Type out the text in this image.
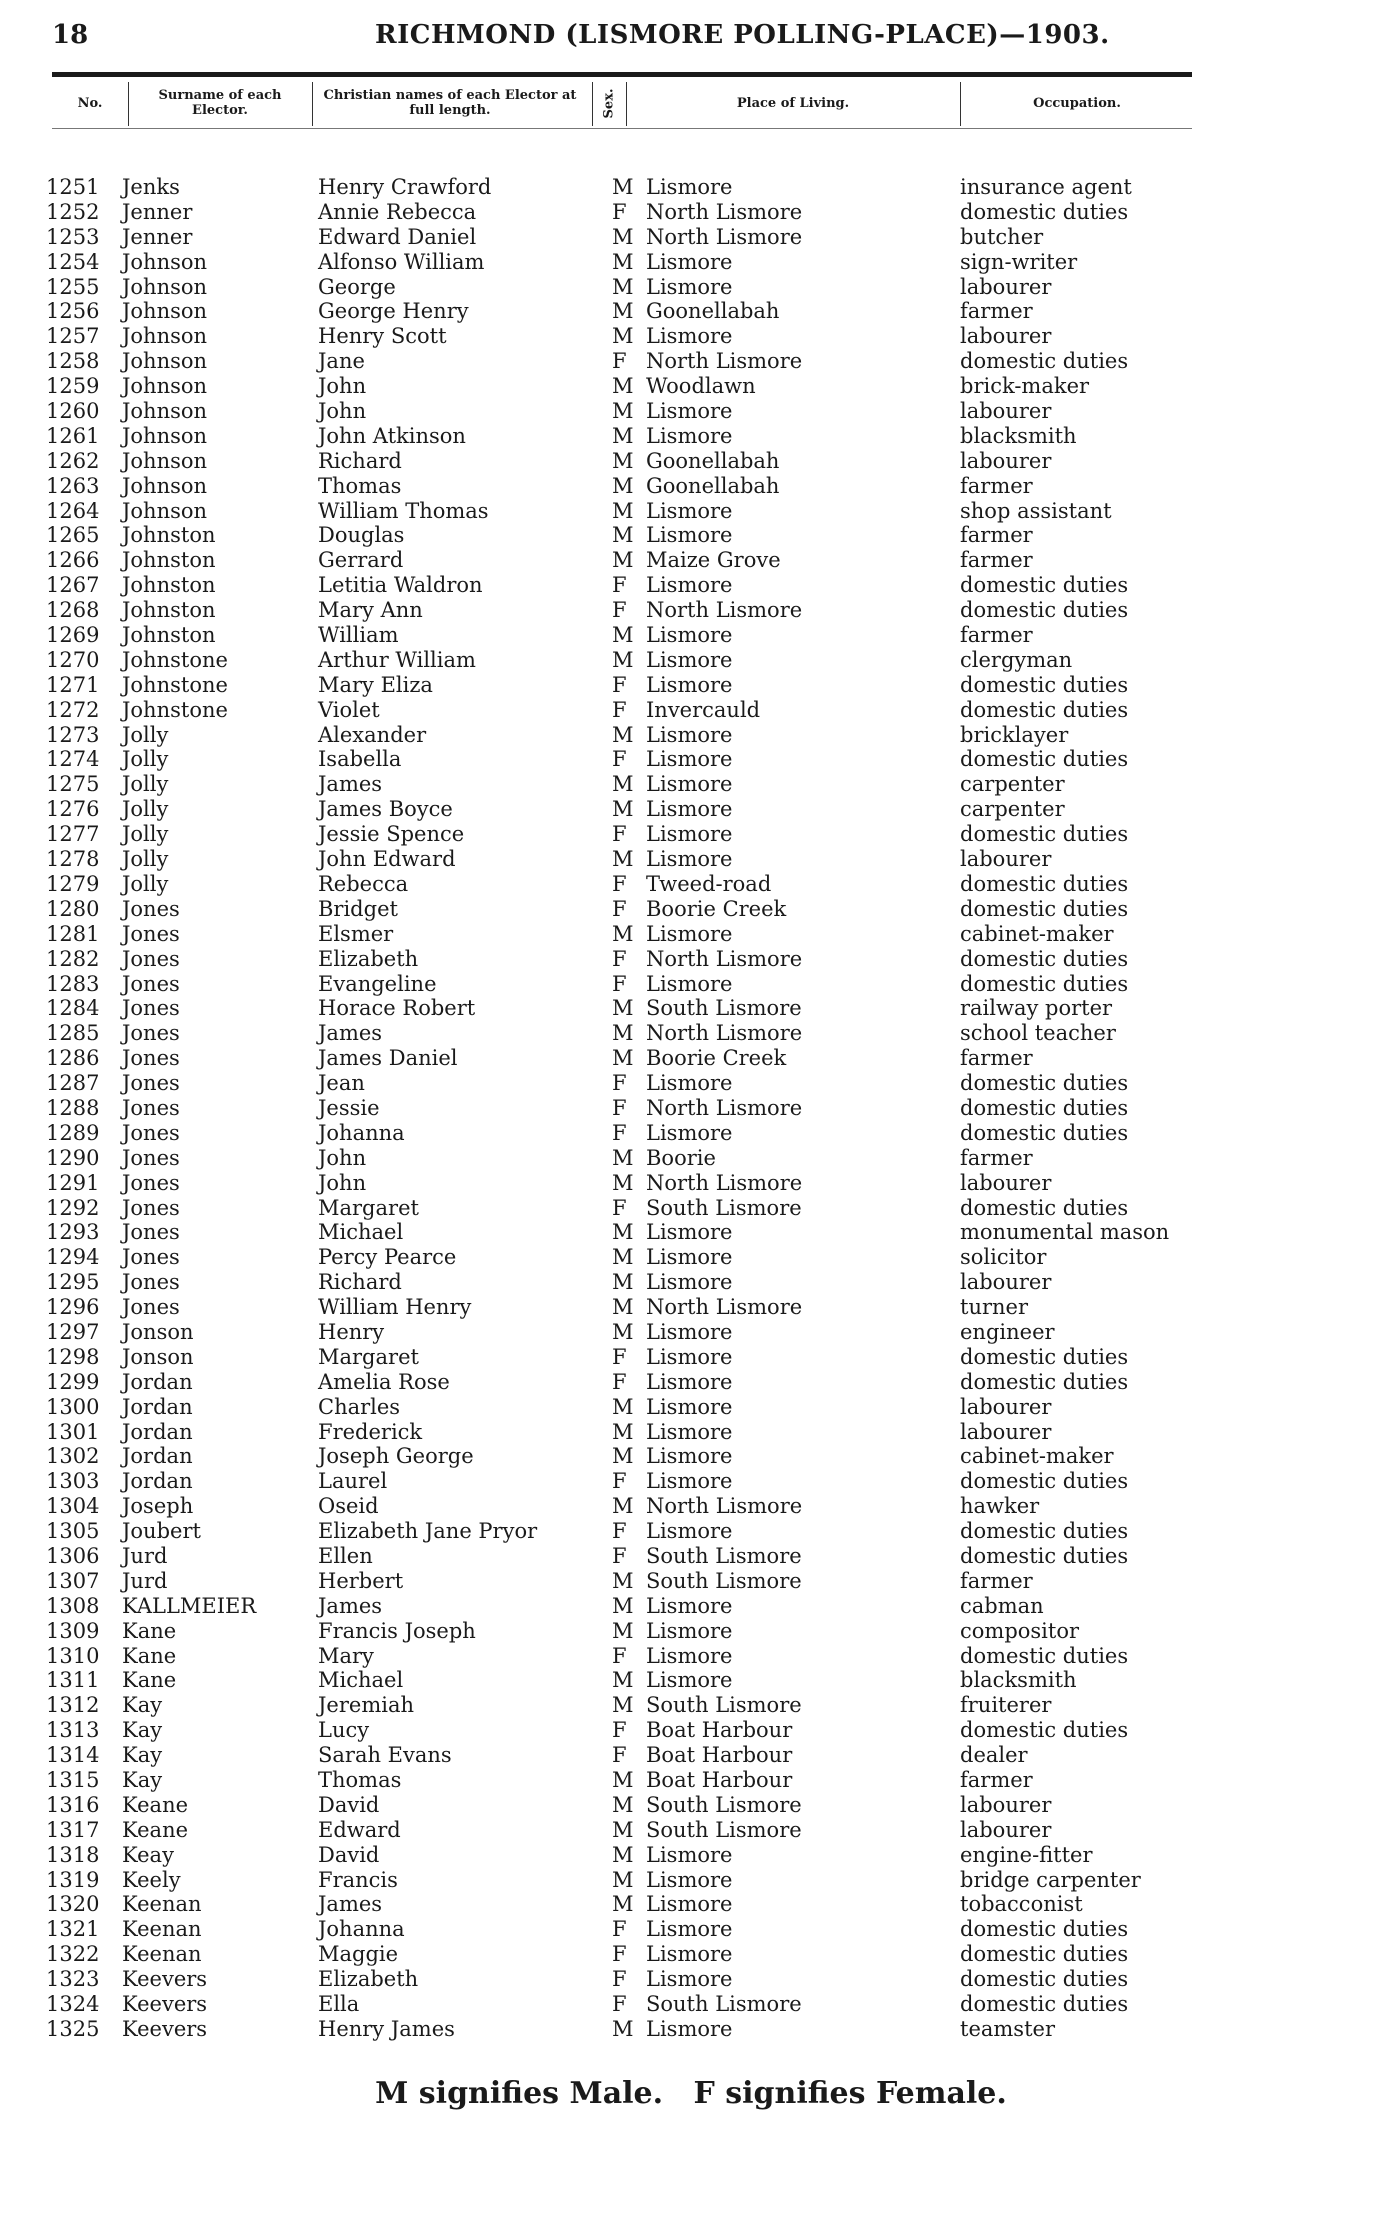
18	RICHMOND (LISMORE POLLING-PLACE)—1903.
No.	Surname of each Elector.
Christian names of each Elector at full length.	Sex.	Place of Living.	Occupation.
1251 Jenks	Henry Crawford	M Lismore	insurance agent
1252 Jenner	Annie Rebecca	F North Lismore	domestic duties
1253 Jenner	Edward Daniel	M North Lismore	butcher
1254 Johnson	Alfonso William	M Lismore	sign-writer
1255 Johnson	George	M Lismore	labourer
1256 Johnson	George Henry	M Goonellabah	farmer
1257 Johnson	Henry Scott	M Lismore	labourer
1258 Johnson	Jane	F North Lismore	domestic duties
1259 Johnson	John	M Woodlawn	brick-maker
1260 Johnson	John	M Lismore	labourer
1261 Johnson	John Atkinson	M Lismore	blacksmith
1262 Johnson	Richard	M Goonellabah	labourer
1263 Johnson	Thomas	M Goonellabah	farmer
1264 Johnson	William Thomas	M Lismore	shop assistant
1265 Johnston	Douglas	M Lismore	farmer
1266 Johnston	Gerrard	M Maize Grove	farmer
1267 Johnston	Letitia Waldron	F Lismore	domestic duties
1268 Johnston	Mary Ann	F North Lismore	domestic duties
1269 Johnston	William	M Lismore	farmer
1270 Johnstone	Arthur William	M Lismore	clergyman
1271 Johnstone	Mary Eliza	F Lismore	domestic duties
1272 Johnstone	Violet	F Invercauld	domestic duties
1273 Jolly	Alexander	M Lismore	bricklayer
1274 Jolly	Isabella	F Lismore	domestic duties
1275 Jolly	James	M Lismore	carpenter
1276 Jolly	James Boyce	M Lismore	carpenter
1277 Jolly	Jessie Spence	F Lismore	domestic duties
1278 Jolly	John Edward	M Lismore	labourer
1279 Jolly	Rebecca	F Tweed-road	domestic duties
1280 Jones	Bridget	F Boorie Creek	domestic duties
1281 Jones	Elsmer	M Lismore	cabinet-maker
1282 Jones	Elizabeth	F North Lismore	domestic duties
1283 Jones	Evangeline	F Lismore	domestic duties
1284 Jones	Horace Robert	M South Lismore	railway porter
1285 Jones	James	M North Lismore	school teacher
1286 Jones	James Daniel	M Boorie Creek	farmer
1287 Jones	Jean	F Lismore	domestic duties
1288 Jones	Jessie	F North Lismore	domestic duties
1289 Jones	Johanna	F Lismore	domestic duties
1290 Jones	John	M Boorie	farmer
1291 Jones	John	M North Lismore	labourer
1292 Jones	Margaret	F South Lismore	domestic duties
1293 Jones	Michael	M Lismore	monumental mason
1294 Jones	Percy Pearce	M Lismore	solicitor
1295 Jones	Richard	M Lismore	labourer
1296 Jones	William Henry	M North Lismore	turner
1297 Jonson	Henry	M Lismore	engineer
1298 Jonson	Margaret	F Lismore	domestic duties
1299 Jordan	Amelia Rose	F Lismore	domestic duties
1300 Jordan	Charles	M Lismore	labourer
1301 Jordan	Frederick	M Lismore	labourer
1302 Jordan	Joseph George	M Lismore	cabinet-maker
1303 Jordan	Laurel	F Lismore	domestic duties
1304 Joseph	Oseid	M North Lismore	hawker
1305 Joubert	Elizabeth Jane Pryor	F Lismore	domestic duties
1306 Jurd	Ellen	F South Lismore	domestic duties
1307 Jurd	Herbert	M South Lismore	farmer
1308 KALLMEIER	James	M Lismore	cabman
1309 Kane	Francis Joseph	M Lismore	compositor
1310 Kane	Mary	F Lismore	domestic duties
1311 Kane	Michael	M Lismore	blacksmith
1312 Kay	Jeremiah	M South Lismore	fruiterer
1313 Kay	Lucy	F Boat Harbour	domestic duties
1314 Kay	Sarah Evans	F Boat Harbour	dealer
1315 Kay	Thomas	M Boat Harbour	farmer
1316 Keane	David	M South Lismore	labourer
1317 Keane	Edward	M South Lismore	labourer
1318 Keay	David	M Lismore	engine-fitter
1319 Keely	Francis	M Lismore	bridge carpenter
1320 Keenan	James	M Lismore	tobacconist
1321 Keenan	Johanna	F Lismore	domestic duties
1322 Keenan	Maggie	F Lismore	domestic duties
1323 Keevers	Elizabeth	F Lismore	domestic duties
1324 Keevers	Ella	F South Lismore	domestic duties
1325 Keevers	Henry James	M Lismore	teamster
M signifies Male. F signifies Female.
